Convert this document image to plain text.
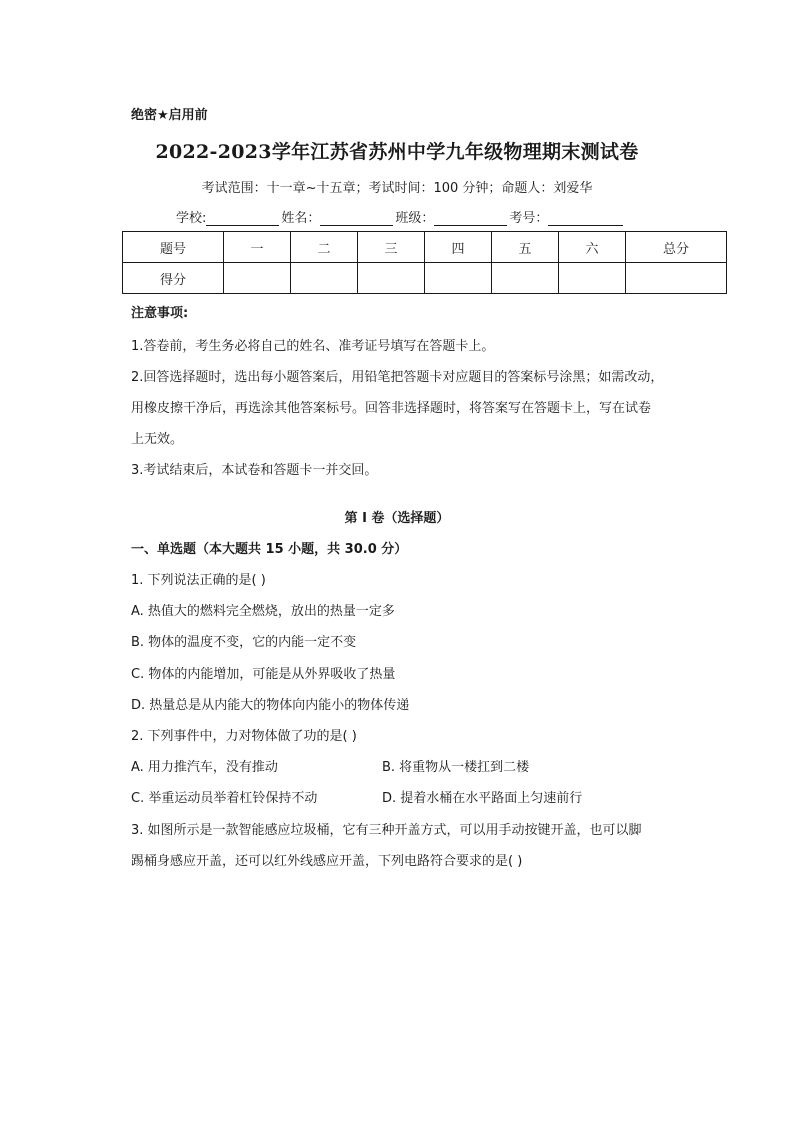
绝密★启用前
2022-2023学年江苏省苏州中学九年级物理期末测试卷
考试范围：十一章~十五章；考试时间：100 分钟；命题人：刘爱华
学校:	姓名：	班级：	考号：
题号	一	二	三	四	五	六	总分
得分							
注意事项:
1.答卷前，考生务必将自己的姓名、准考证号填写在答题卡上。
2.回答选择题时，选出每小题答案后，用铅笔把答题卡对应题目的答案标号涂黑；如需改动，
用橡皮擦干净后，再选涂其他答案标号。回答非选择题时，将答案写在答题卡上，写在试卷
上无效。
3.考试结束后，本试卷和答题卡一并交回。
第 I 卷（选择题）
一、单选题（本大题共 15 小题，共 30.0 分）
1. 下列说法正确的是( )
A. 热值大的燃料完全燃烧，放出的热量一定多
B. 物体的温度不变，它的内能一定不变
C. 物体的内能增加，可能是从外界吸收了热量
D. 热量总是从内能大的物体向内能小的物体传递
2. 下列事件中，力对物体做了功的是( )
A. 用力推汽车，没有推动	B. 将重物从一楼扛到二楼
C. 举重运动员举着杠铃保持不动	D. 提着水桶在水平路面上匀速前行
3. 如图所示是一款智能感应垃圾桶，它有三种开盖方式，可以用手动按键开盖，也可以脚
踢桶身感应开盖，还可以红外线感应开盖，下列电路符合要求的是( )
